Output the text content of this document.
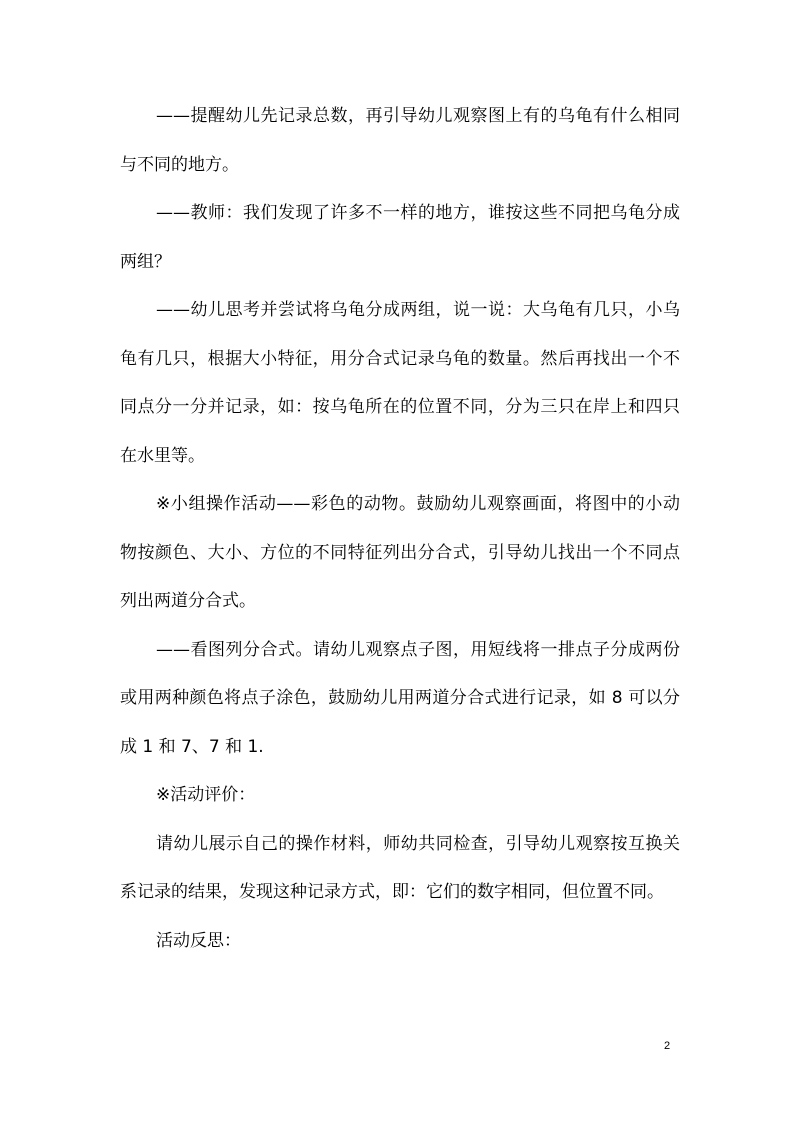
——提醒幼儿先记录总数，再引导幼儿观察图上有的乌龟有什么相同与不同的地方。

——教师：我们发现了许多不一样的地方，谁按这些不同把乌龟分成两组？

——幼儿思考并尝试将乌龟分成两组，说一说：大乌龟有几只，小乌龟有几只，根据大小特征，用分合式记录乌龟的数量。然后再找出一个不同点分一分并记录，如：按乌龟所在的位置不同，分为三只在岸上和四只在水里等。

※小组操作活动——彩色的动物。鼓励幼儿观察画面，将图中的小动物按颜色、大小、方位的不同特征列出分合式，引导幼儿找出一个不同点列出两道分合式。

——看图列分合式。请幼儿观察点子图，用短线将一排点子分成两份或用两种颜色将点子涂色，鼓励幼儿用两道分合式进行记录，如 8 可以分成 1 和 7、7 和 1.

※活动评价：

请幼儿展示自己的操作材料，师幼共同检查，引导幼儿观察按互换关系记录的结果，发现这种记录方式，即：它们的数字相同，但位置不同。

活动反思：

2
